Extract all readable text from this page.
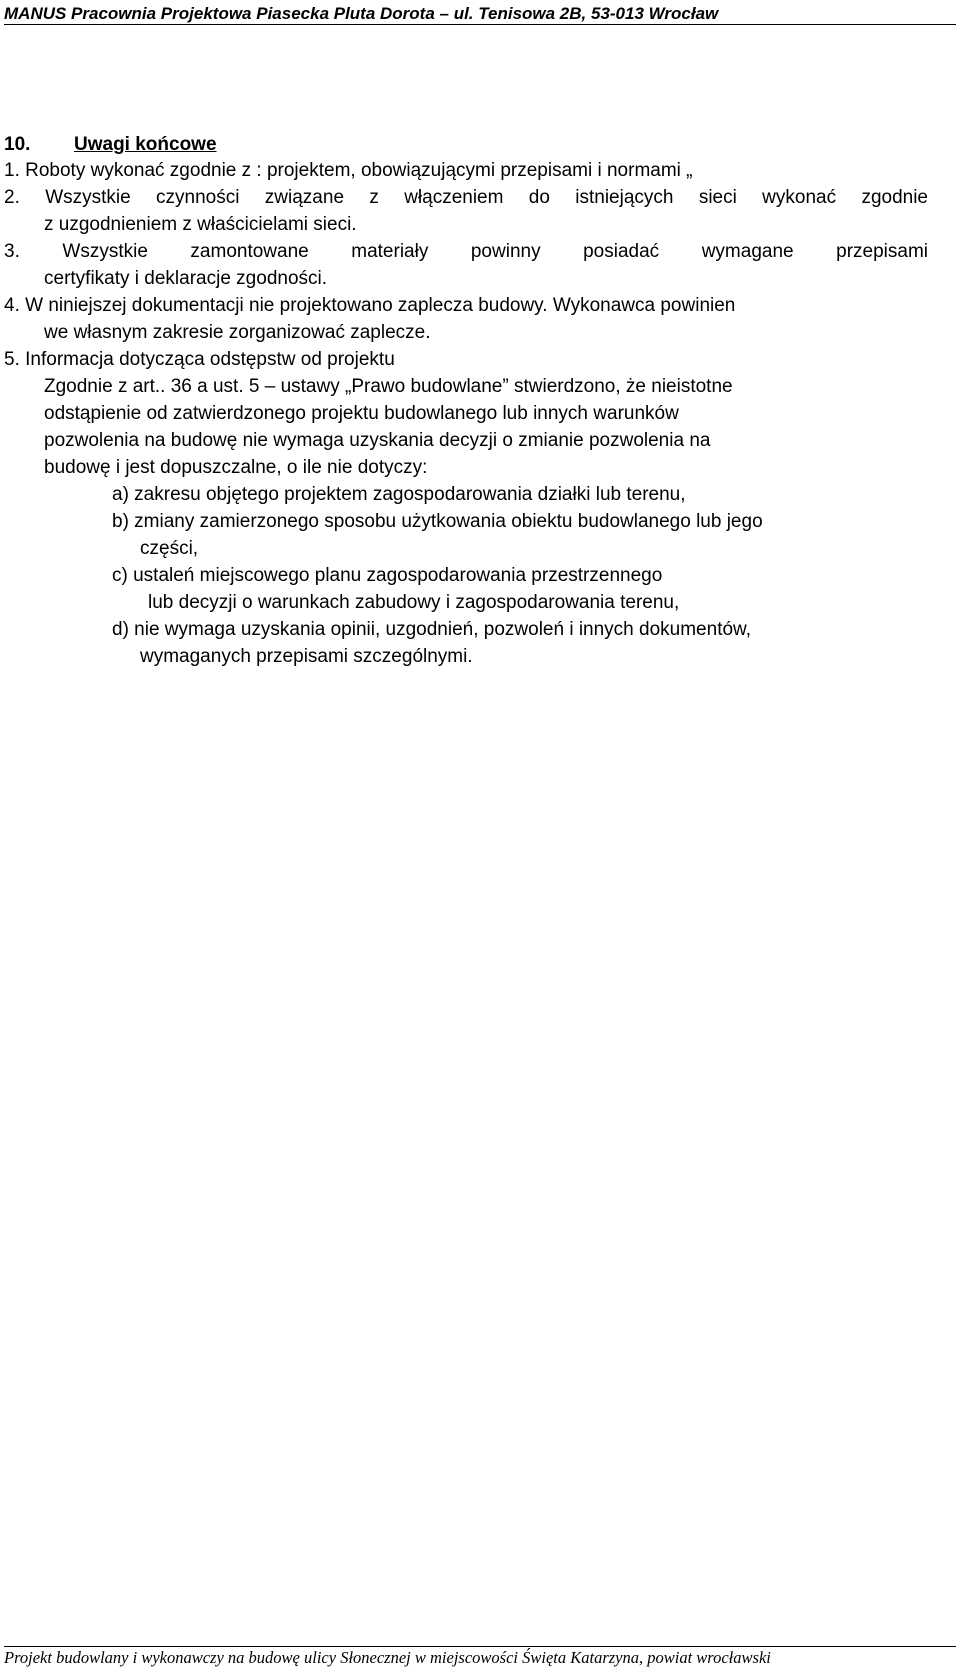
MANUS Pracownia Projektowa Piasecka Pluta Dorota – ul. Tenisowa 2B, 53-013 Wrocław
10. Uwagi końcowe
1. Roboty wykonać zgodnie z : projektem, obowiązującymi przepisami i normami „
2. Wszystkie czynności związane z włączeniem do istniejących sieci wykonać zgodnie
z uzgodnieniem z właścicielami sieci.
3. Wszystkie zamontowane materiały powinny posiadać wymagane przepisami
certyfikaty i deklaracje zgodności.
4. W niniejszej dokumentacji nie projektowano zaplecza budowy. Wykonawca powinien
we własnym zakresie zorganizować zaplecze.
5. Informacja dotycząca odstępstw od projektu
Zgodnie z art.. 36 a ust. 5 – ustawy „Prawo budowlane” stwierdzono, że nieistotne
odstąpienie od zatwierdzonego projektu budowlanego lub innych warunków
pozwolenia na budowę nie wymaga uzyskania decyzji o zmianie pozwolenia na
budowę i jest dopuszczalne, o ile nie dotyczy:
a) zakresu objętego projektem zagospodarowania działki lub terenu,
b) zmiany zamierzonego sposobu użytkowania obiektu budowlanego lub jego
części,
c) ustaleń miejscowego planu zagospodarowania przestrzennego
lub decyzji o warunkach zabudowy i zagospodarowania terenu,
d) nie wymaga uzyskania opinii, uzgodnień, pozwoleń i innych dokumentów,
wymaganych przepisami szczególnymi.
Projekt budowlany i wykonawczy na budowę ulicy Słonecznej w miejscowości Święta Katarzyna, powiat wrocławski
